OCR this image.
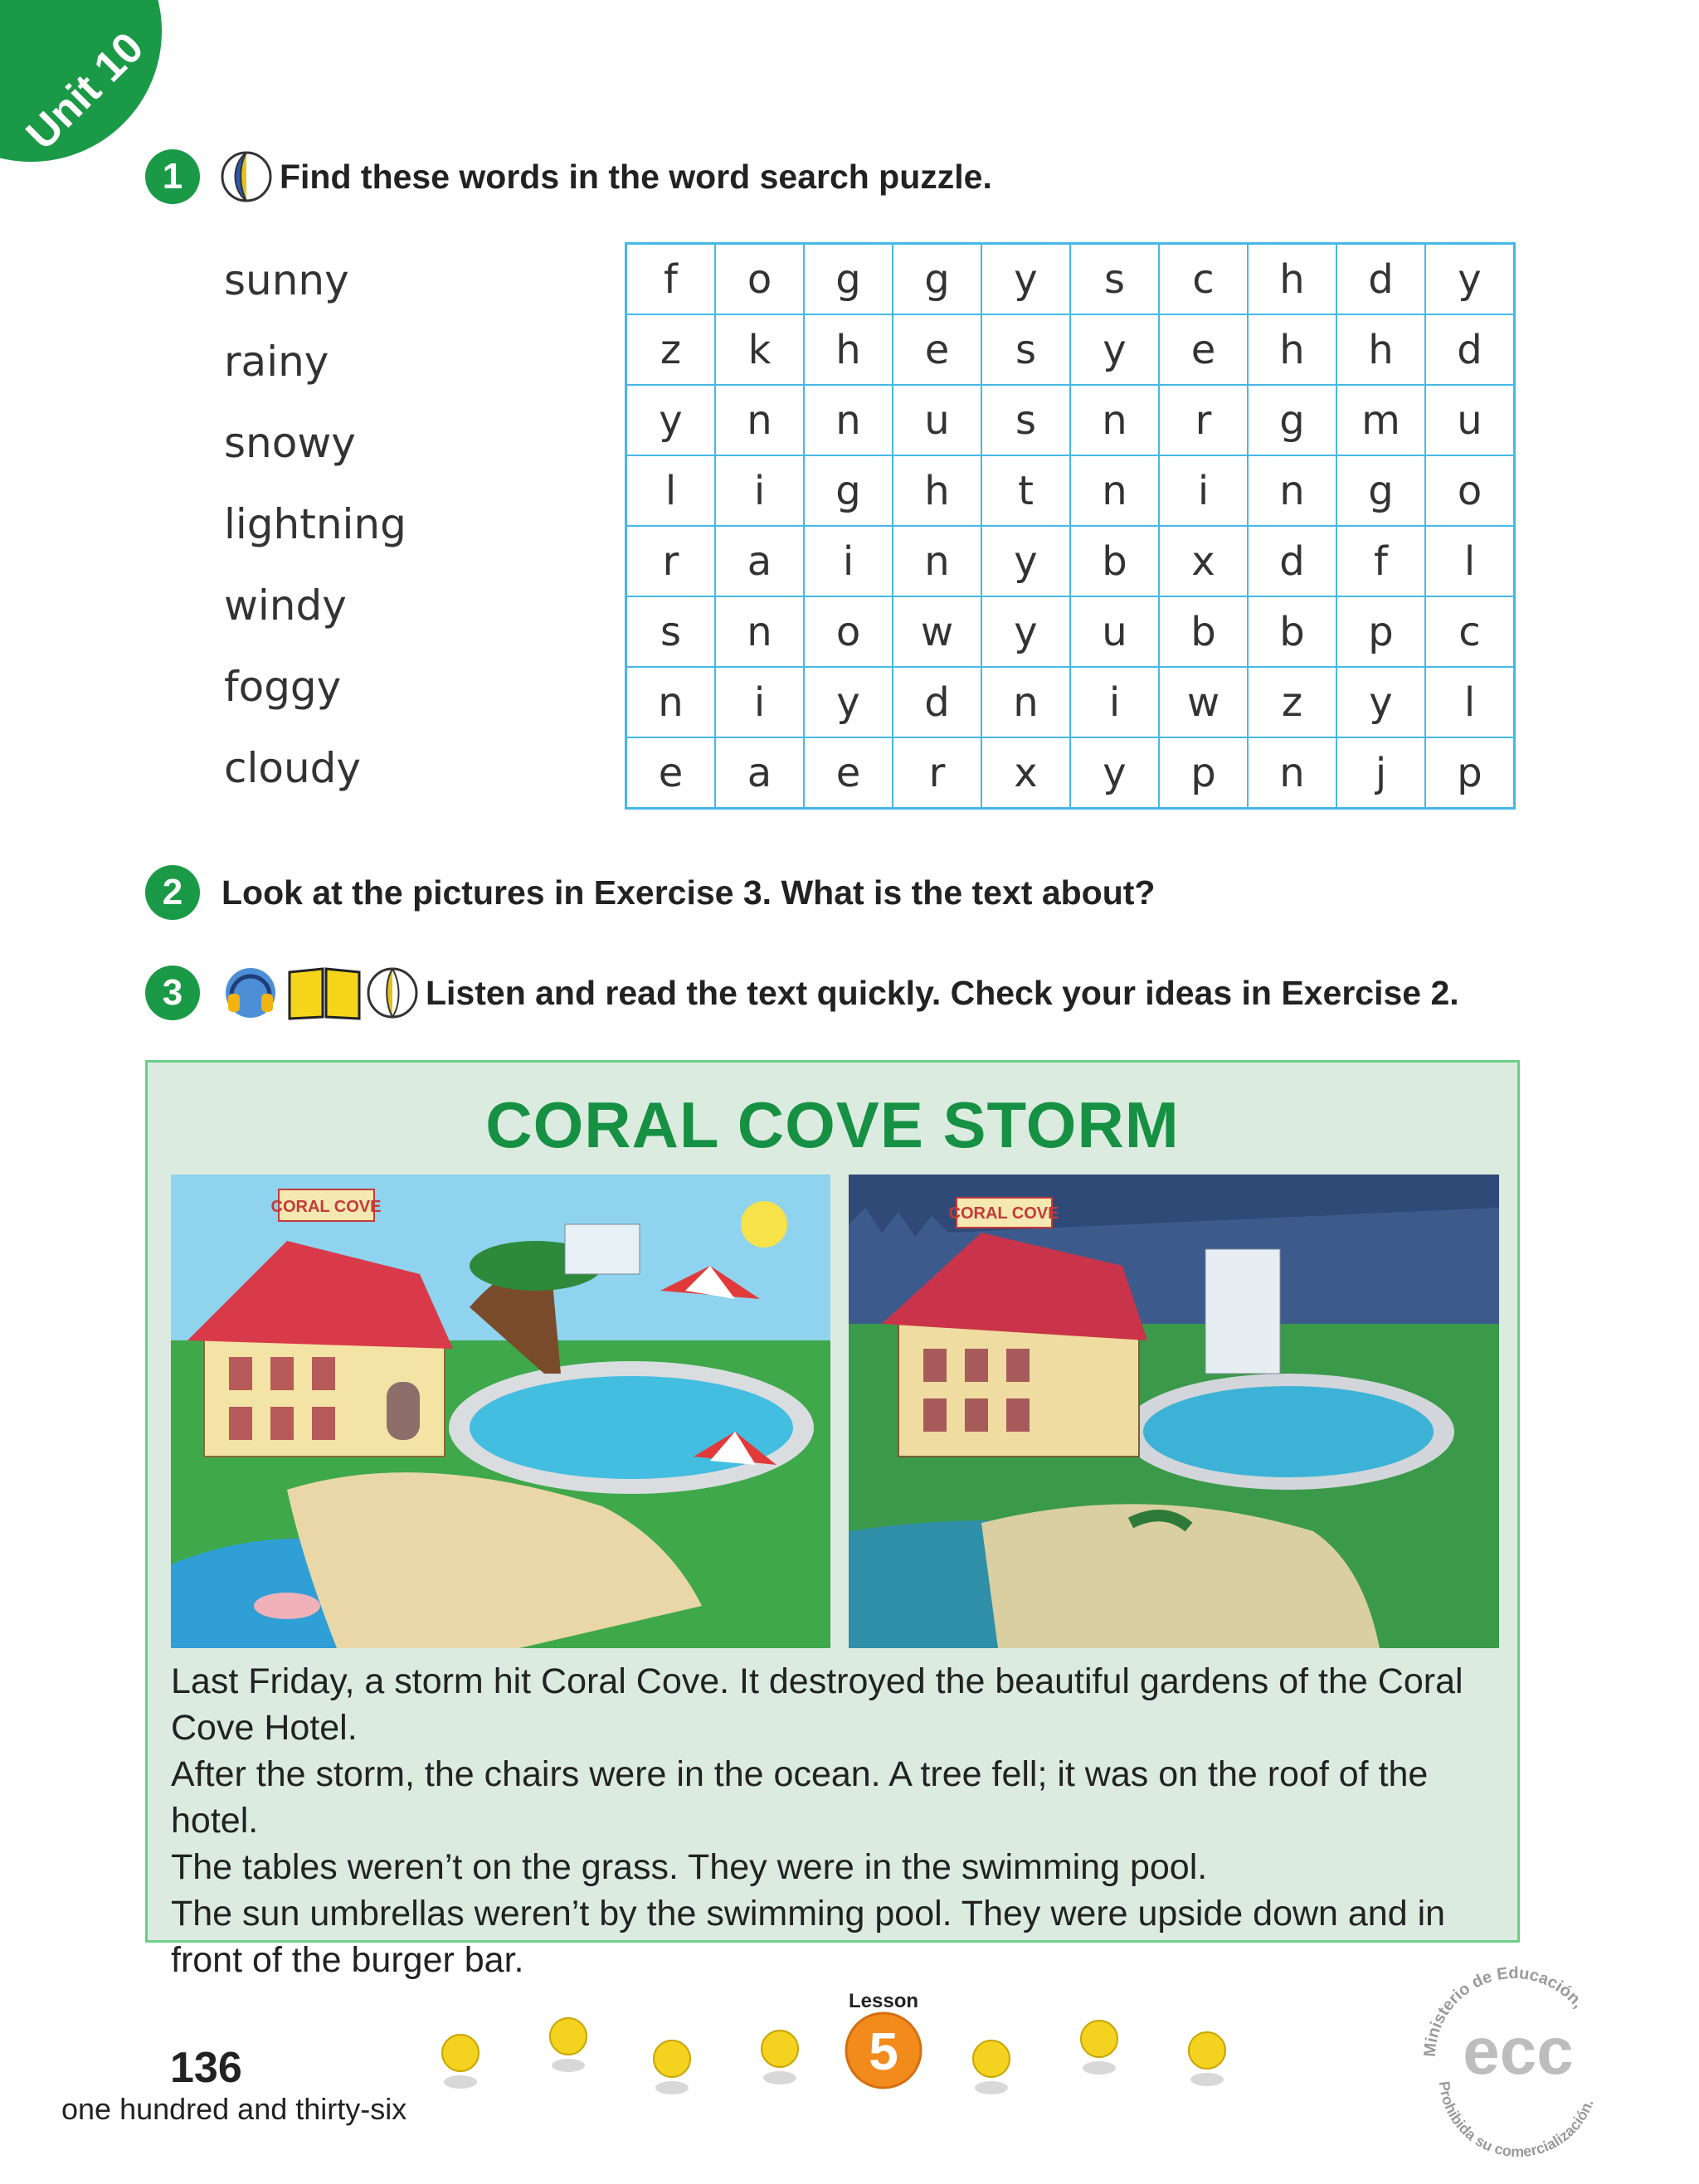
Unit 10
1	Find these words in the word search puzzle.
sunny
rainy
snowy
lightning
windy
foggy
cloudy
f	o	g	g	y	s	c	h	d	y
z	k	h	e	s	y	e	h	h	d
y	n	n	u	s	n	r	g	m	u
l	i	g	h	t	n	i	n	g	o
r	a	i	n	y	b	x	d	f	l
s	n	o	w	y	u	b	b	p	c
n	i	y	d	n	i	w	z	y	l
e	a	e	r	x	y	p	n	j	p
2	Look at the pictures in Exercise 3. What is the text about?
3	Listen and read the text quickly. Check your ideas in Exercise 2.
CORAL COVE STORM
CORAL COVE	CORAL COVE

Last Friday, a storm hit Coral Cove. It destroyed the beautiful gardens of the Coral Cove Hotel.

After the storm, the chairs were in the ocean. A tree fell; it was on the roof of the hotel.

The tables weren’t on the grass. They were in the swimming pool.

The sun umbrellas weren’t by the swimming pool. They were upside down and in front of the burger bar.

136
one hundred and thirty-six
5
Lesson
Ministerio de Educación,
Prohibida su comercialización.
ecc
